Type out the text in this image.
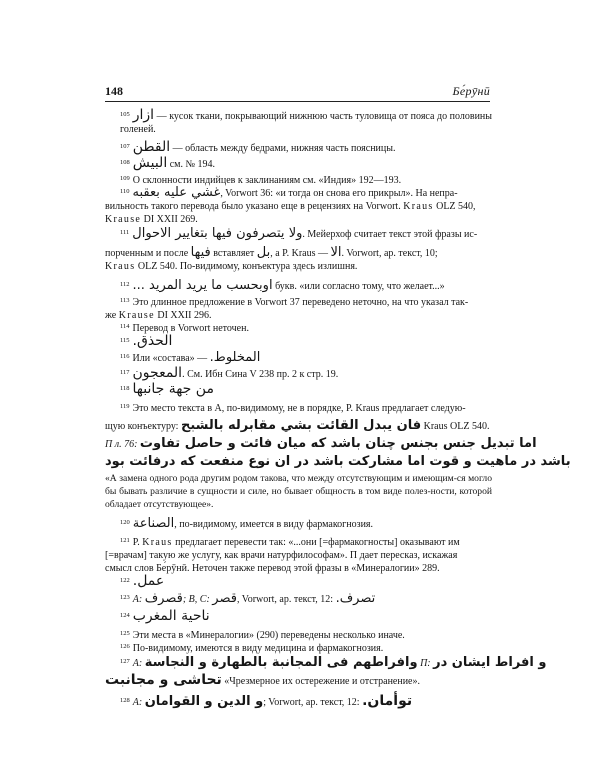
148	Бе́рӯнӣ
$^{105}$ ازار — кусок ткани, покрывающий нижнюю часть туловища от пояса до половины голеней.
$^{107}$ القطن — область между бедрами, нижняя часть поясницы.
$^{108}$ البيش см. № 194.
$^{109}$ О склонности индийцев к заклинаниям см. «Индия» 192—193.
$^{110}$ غشي عليه بعقبه, Vorwort 36: «и тогда он снова его прикрыл». На непра-
вильность такого перевода было указано еще в рецензиях на Vorwort. Kraus OLZ 540,
Krause DI XXII 269.
$^{111}$ ولا يتصرفون فيها بتغايير الاحوال. Мейерхоф считает текст этой фразы ис-
порченным и после فيها вставляет بل, а P. Kraus — الا. Vorwort, ар. текст, 10;
Kraus OLZ 540. По-видимому, конъектура здесь излишня.
$^{112}$ اوبحسب ما يريد المريد ... букв. «или согласно тому, что желает...»
$^{113}$ Это длинное предложение в Vorwort 37 переведено неточно, на что указал так-
же Krause DI XXII 296.
$^{114}$ Перевод в Vorwort неточен.
$^{115}$ الحذق.
$^{116}$ Или «состава» — المخلوط.
$^{117}$ المعجون. См. Ибн Сина V 238 пр. 2 к стр. 19.
$^{118}$ من جهة جانبها
$^{119}$ Это место текста в A, по-видимому, не в порядке, P. Kraus предлагает следую-
щую конъектуру: فان يبدل القائت بشي مقابرله بالشبح Kraus OLZ 540.
П л. 76: اما تبديل جنس بجنس چنان باشد كه ميان فائت و حاصل تفاوت
باشد در ماهيت و قوت اما مشاركت باشد در ان نوع منفعت كه درفائت بود
«А замена одного рода другим родом такова, что между отсутствующим и имеющим-ся могло бы бывать различие в сущности и силе, но бывает общность в том виде полез-ности, которой обладает отсутствующее».
$^{120}$ الصناعة, по-видимому, имеется в виду фармакогнозия.
$^{121}$ P. Kraus предлагает перевести так: «...они [=фармакогносты] оказывают им
[=врачам] такую же услугу, как врачи натурфилософам». П дает пересказ, искажая
смысл слов Бе́рӯнӣ. Неточен также перевод этой фразы в «Минералогии» 289.
$^{122}$ عمل.
$^{123}$ A: قصرف; B, C: قصر, Vorwort, ар. текст, 12: تصرف.
$^{124}$ ناحية المغرب
$^{125}$ Эти места в «Минералогии» (290) переведены несколько иначе.
$^{126}$ По-видимому, имеются в виду медицина и фармакогнозия.
$^{127}$ A: وافراطهم فى المجانبة بالطهارة و النجاسة П: و افراط ايشان در
تحاشى و مجانبت «Чрезмерное их остережение и отстранение».
$^{128}$ A: و الدين و القوامان; Vorwort, ар. текст, 12: توأمان.
